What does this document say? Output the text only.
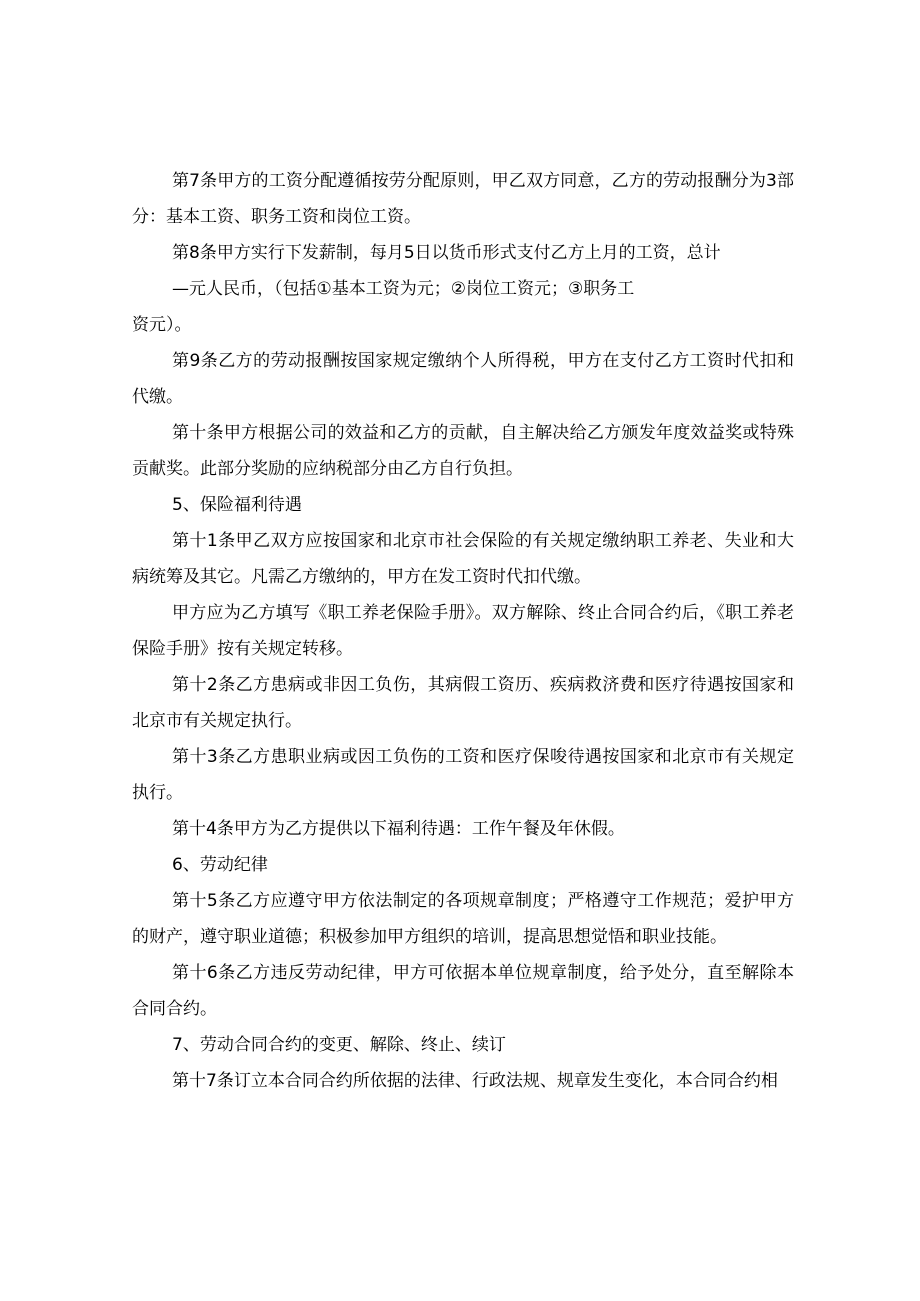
第7条甲方的工资分配遵循按劳分配原则，甲乙双方同意，乙方的劳动报酬分为3部分：基本工资、职务工资和岗位工资。

第8条甲方实行下发薪制，每月5日以货币形式支付乙方上月的工资，总计
—元人民币，（包括①基本工资为元；②岗位工资元；③职务工
资元）。

第9条乙方的劳动报酬按国家规定缴纳个人所得税，甲方在支付乙方工资时代扣和代缴。

第十条甲方根据公司的效益和乙方的贡献，自主解决给乙方颁发年度效益奖或特殊贡献奖。此部分奖励的应纳税部分由乙方自行负担。

5、保险福利待遇

第十1条甲乙双方应按国家和北京市社会保险的有关规定缴纳职工养老、失业和大病统筹及其它。凡需乙方缴纳的，甲方在发工资时代扣代缴。

甲方应为乙方填写《职工养老保险手册》。双方解除、终止合同合约后，《职工养老保险手册》按有关规定转移。

第十2条乙方患病或非因工负伤，其病假工资历、疾病救济费和医疗待遇按国家和北京市有关规定执行。

第十3条乙方患职业病或因工负伤的工资和医疗保唆待遇按国家和北京市有关规定执行。

第十4条甲方为乙方提供以下福利待遇：工作午餐及年休假。

6、劳动纪律

第十5条乙方应遵守甲方依法制定的各项规章制度；严格遵守工作规范；爱护甲方的财产，遵守职业道德；积极参加甲方组织的培训，提高思想觉悟和职业技能。

第十6条乙方违反劳动纪律，甲方可依据本单位规章制度，给予处分，直至解除本合同合约。

7、劳动合同合约的变更、解除、终止、续订

第十7条订立本合同合约所依据的法律、行政法规、规章发生变化，本合同合约相
